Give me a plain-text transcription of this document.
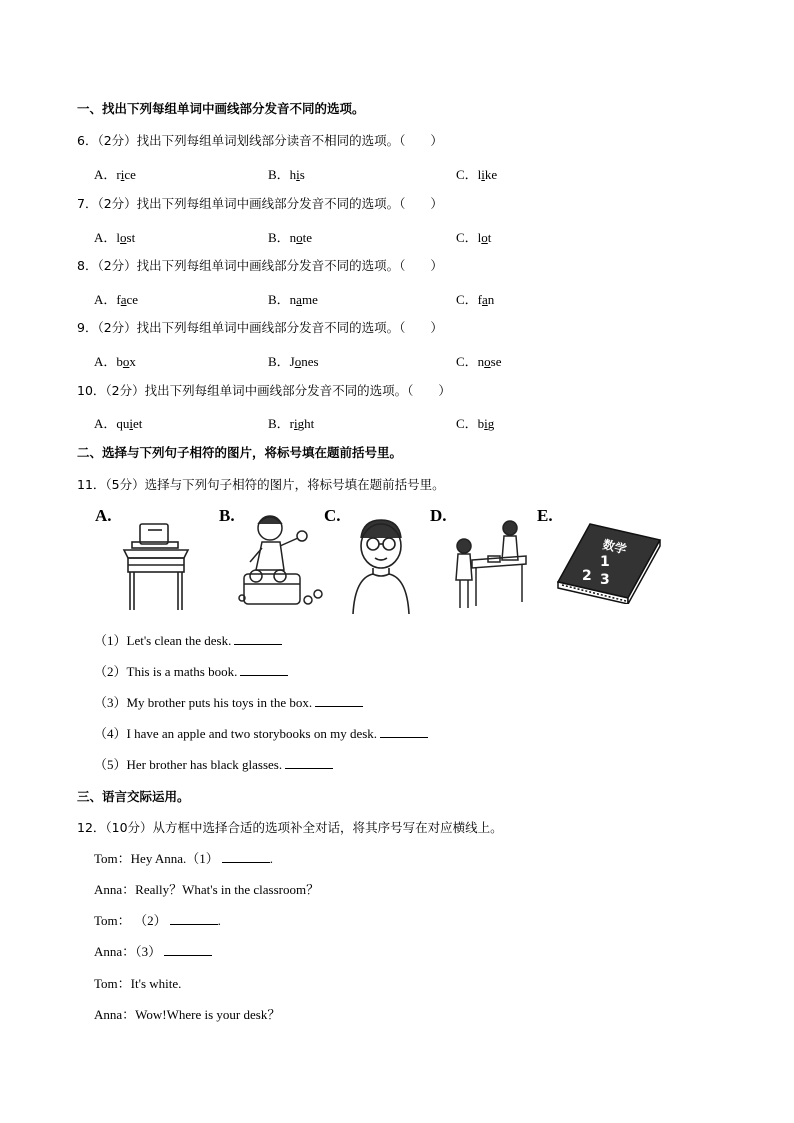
一、找出下列每组单词中画线部分发音不同的选项。
6．（2分）找出下列每组单词划线部分读音不相同的选项。（　　）
A．rice	B．his	C．like
7．（2分）找出下列每组单词中画线部分发音不同的选项。（　　）
A．lost	B．note	C．lot
8．（2分）找出下列每组单词中画线部分发音不同的选项。（　　）
A．face	B．name	C．fan
9．（2分）找出下列每组单词中画线部分发音不同的选项。（　　）
A．box	B．Jones	C．nose
10．（2分）找出下列每组单词中画线部分发音不同的选项。（　　）
A．quiet	B．right	C．big
二、选择与下列句子相符的图片，将标号填在题前括号里。
11．（5分）选择与下列句子相符的图片，将标号填在题前括号里。
A.	B.	C.	D.	E.
数学
1
2 3
（1）Let's clean the desk.
（2）This is a maths book.
（3）My brother puts his toys in the box.
（4）I have an apple and two storybooks on my desk.
（5）Her brother has black glasses.
三、语言交际运用。
12．（10分）从方框中选择合适的选项补全对话，将其序号写在对应横线上。
Tom：Hey Anna.（1）	.
Anna：Really？What's in the classroom？
Tom： （2）	.
Anna：（3）
Tom：It's white.
Anna：Wow!Where is your desk？
